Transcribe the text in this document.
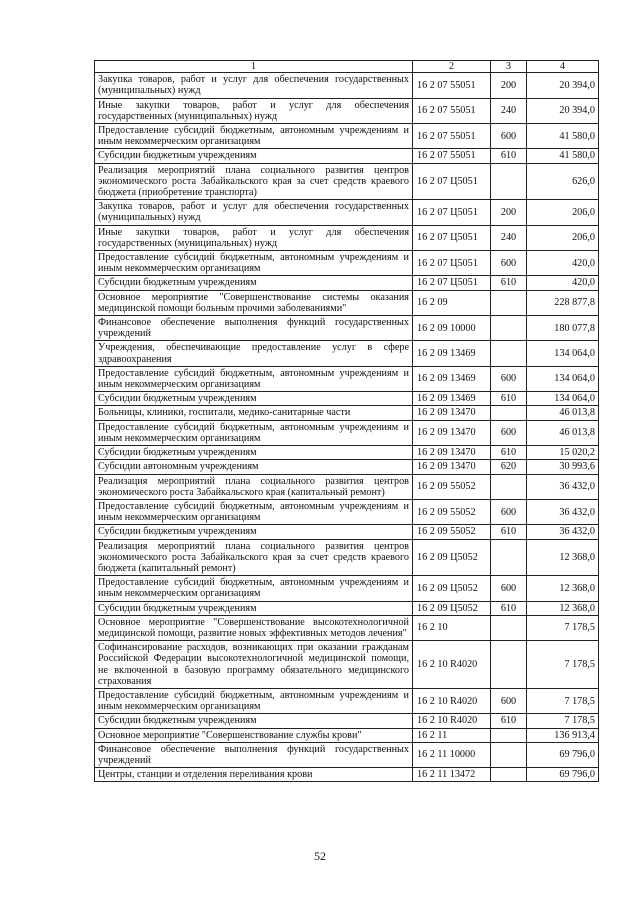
1	2	3	4
Закупка товаров, работ и услуг для обеспечения государственных (муниципальных) нужд	16 2 07 55051	200	20 394,0
Иные закупки товаров, работ и услуг для обеспечения государственных (муниципальных) нужд	16 2 07 55051	240	20 394,0
Предоставление субсидий бюджетным, автономным учреждениям и иным некоммерческим организациям	16 2 07 55051	600	41 580,0
Субсидии бюджетным учреждениям	16 2 07 55051	610	41 580,0
Реализация мероприятий плана социального развития центров экономического роста Забайкальского края за счет средств краевого бюджета (приобретение транспорта)	16 2 07 Ц5051		626,0
Закупка товаров, работ и услуг для обеспечения государственных (муниципальных) нужд	16 2 07 Ц5051	200	206,0
Иные закупки товаров, работ и услуг для обеспечения государственных (муниципальных) нужд	16 2 07 Ц5051	240	206,0
Предоставление субсидий бюджетным, автономным учреждениям и иным некоммерческим организациям	16 2 07 Ц5051	600	420,0
Субсидии бюджетным учреждениям	16 2 07 Ц5051	610	420,0
Основное мероприятие "Совершенствование системы оказания медицинской помощи больным прочими заболеваниями"	16 2 09		228 877,8
Финансовое обеспечение выполнения функций государственных учреждений	16 2 09 10000		180 077,8
Учреждения, обеспечивающие предоставление услуг в сфере здравоохранения	16 2 09 13469		134 064,0
Предоставление субсидий бюджетным, автономным учреждениям и иным некоммерческим организациям	16 2 09 13469	600	134 064,0
Субсидии бюджетным учреждениям	16 2 09 13469	610	134 064,0
Больницы, клиники, госпитали, медико-санитарные части	16 2 09 13470		46 013,8
Предоставление субсидий бюджетным, автономным учреждениям и иным некоммерческим организациям	16 2 09 13470	600	46 013,8
Субсидии бюджетным учреждениям	16 2 09 13470	610	15 020,2
Субсидии автономным учреждениям	16 2 09 13470	620	30 993,6
Реализация мероприятий плана социального развития центров экономического роста Забайкальского края (капитальный ремонт)	16 2 09 55052		36 432,0
Предоставление субсидий бюджетным, автономным учреждениям и иным некоммерческим организациям	16 2 09 55052	600	36 432,0
Субсидии бюджетным учреждениям	16 2 09 55052	610	36 432,0
Реализация мероприятий плана социального развития центров экономического роста Забайкальского края за счет средств краевого бюджета (капитальный ремонт)	16 2 09 Ц5052		12 368,0
Предоставление субсидий бюджетным, автономным учреждениям и иным некоммерческим организациям	16 2 09 Ц5052	600	12 368,0
Субсидии бюджетным учреждениям	16 2 09 Ц5052	610	12 368,0
Основное мероприятие "Совершенствование высокотехнологичной медицинской помощи, развитие новых эффективных методов лечения"	16 2 10		7 178,5
Софинансирование расходов, возникающих при оказании гражданам Российской Федерации высокотехнологичной медицинской помощи, не включенной в базовую программу обязательного медицинского страхования	16 2 10 R4020		7 178,5
Предоставление субсидий бюджетным, автономным учреждениям и иным некоммерческим организациям	16 2 10 R4020	600	7 178,5
Субсидии бюджетным учреждениям	16 2 10 R4020	610	7 178,5
Основное мероприятие "Совершенствование службы крови"	16 2 11		136 913,4
Финансовое обеспечение выполнения функций государственных учреждений	16 2 11 10000		69 796,0
Центры, станции и отделения переливания крови	16 2 11 13472		69 796,0
52
